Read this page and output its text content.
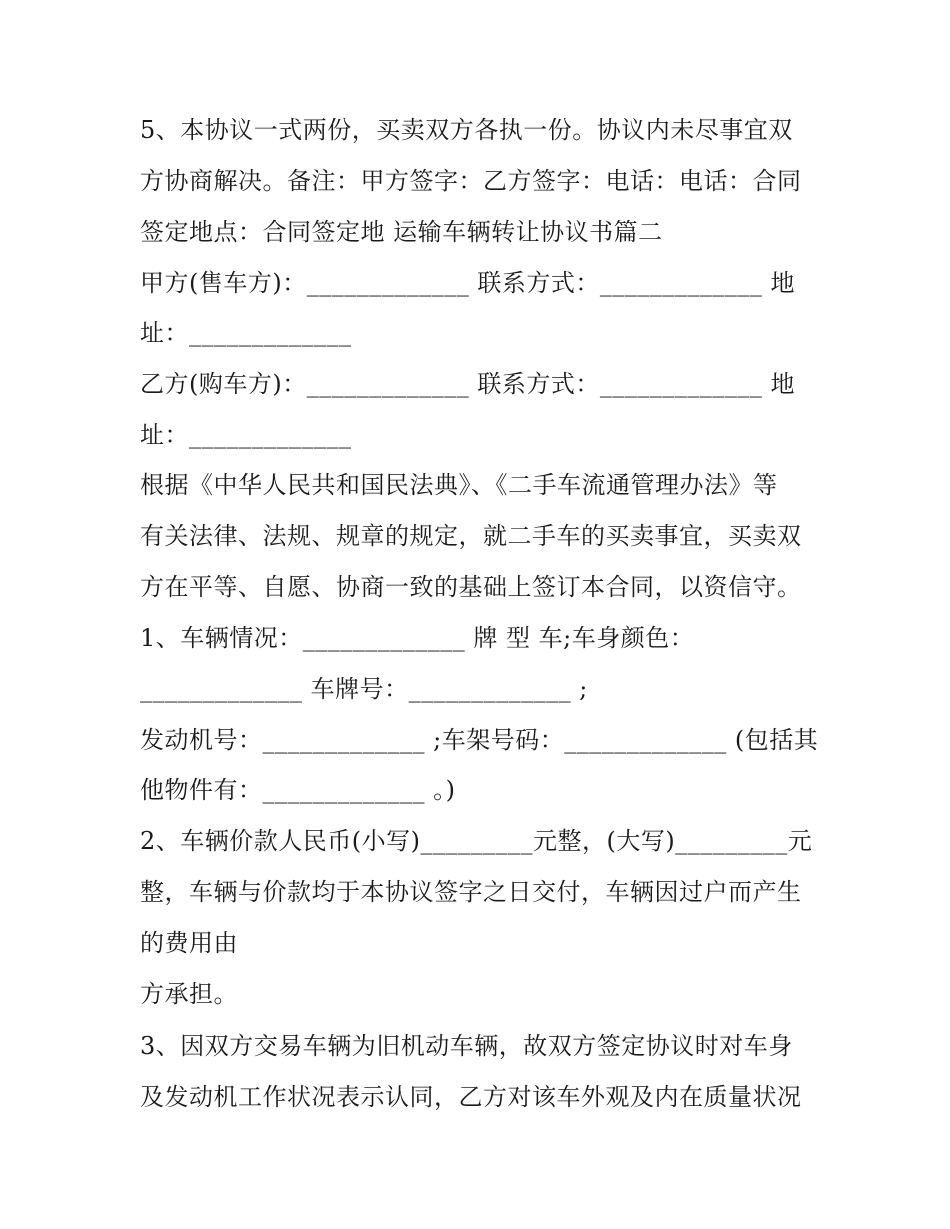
5、本协议一式两份，买卖双方各执一份。协议内未尽事宜双
方协商解决。备注：甲方签字：乙方签字：电话：电话：合同
签定地点：合同签定地 运输车辆转让协议书篇二
甲方(售车方)：_____________ 联系方式：_____________ 地
址：_____________
乙方(购车方)：_____________ 联系方式：_____________ 地
址：_____________
根据《中华人民共和国民法典》、《二手车流通管理办法》等
有关法律、法规、规章的规定，就二手车的买卖事宜，买卖双
方在平等、自愿、协商一致的基础上签订本合同，以资信守。
1、车辆情况：_____________ 牌 型 车;车身颜色：
_____________ 车牌号：_____________ ;
发动机号：_____________ ;车架号码：_____________ (包括其
他物件有：_____________ 。)
2、车辆价款人民币(小写)_________元整，(大写)_________元
整，车辆与价款均于本协议签字之日交付，车辆因过户而产生
的费用由
方承担。
3、因双方交易车辆为旧机动车辆，故双方签定协议时对车身
及发动机工作状况表示认同，乙方对该车外观及内在质量状况
